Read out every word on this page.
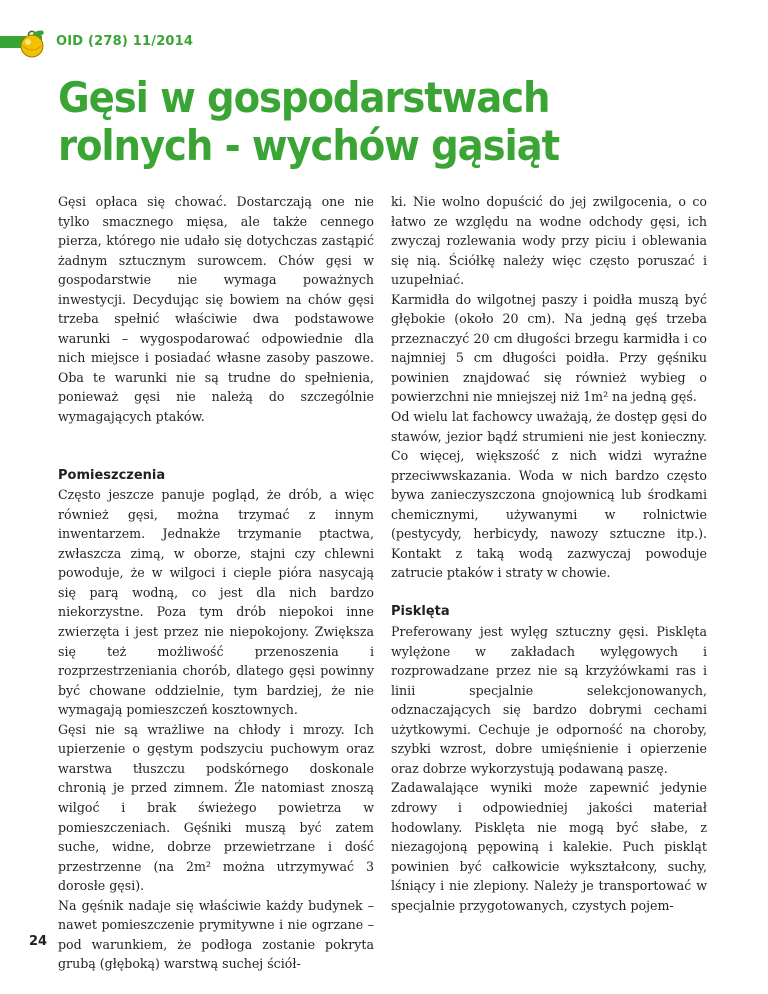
OID (278) 11/2014
Gęsi w gospodarstwach rolnych - wychów gąsiąt

Gęsi opłaca się chować. Dostarczają one nie tylko smacznego mięsa, ale także cennego pierza, którego nie udało się dotychczas zastąpić żadnym sztucznym surowcem. Chów gęsi w gospodarstwie nie wymaga poważnych inwestycji. Decydując się bowiem na chów gęsi trzeba spełnić właściwie dwa podstawowe warunki – wygospodarować odpowiednie dla nich miejsce i posiadać własne zasoby paszowe. Oba te warunki nie są trudne do spełnienia, ponieważ gęsi nie należą do szczególnie wymagających ptaków.

Pomieszczenia

Często jeszcze panuje pogląd, że drób, a więc również gęsi, można trzymać z innym inwentarzem. Jednakże trzymanie ptactwa, zwłaszcza zimą, w oborze, stajni czy chlewni powoduje, że w wilgoci i cieple pióra nasycają się parą wodną, co jest dla nich bardzo niekorzystne. Poza tym drób niepokoi inne zwierzęta i jest przez nie niepokojony. Zwiększa się też możliwość przenoszenia i rozprzestrzeniania chorób, dlatego gęsi powinny być chowane oddzielnie, tym bardziej, że nie wymagają pomieszczeń kosztownych.

Gęsi nie są wrażliwe na chłody i mrozy. Ich upierzenie o gęstym podszyciu puchowym oraz warstwa tłuszczu podskórnego doskonale chronią je przed zimnem. Źle natomiast znoszą wilgoć i brak świeżego powietrza w pomieszczeniach. Gęśniki muszą być zatem suche, widne, dobrze przewietrzane i dość przestrzenne (na 2m² można utrzymywać 3 dorosłe gęsi).

Na gęśnik nadaje się właściwie każdy budynek – nawet pomieszczenie prymitywne i nie ogrzane – pod warunkiem, że podłoga zostanie pokryta grubą (głęboką) warstwą suchej ściół-

ki. Nie wolno dopuścić do jej zwilgocenia, o co łatwo ze względu na wodne odchody gęsi, ich zwyczaj rozlewania wody przy piciu i oblewania się nią. Ściółkę należy więc często poruszać i uzupełniać.

Karmidła do wilgotnej paszy i poidła muszą być głębokie (około 20 cm). Na jedną gęś trzeba przeznaczyć 20 cm długości brzegu karmidła i co najmniej 5 cm długości poidła. Przy gęśniku powinien znajdować się również wybieg o powierzchni nie mniejszej niż 1m² na jedną gęś.

Od wielu lat fachowcy uważają, że dostęp gęsi do stawów, jezior bądź strumieni nie jest konieczny. Co więcej, większość z nich widzi wyraźne przeciwwskazania. Woda w nich bardzo często bywa zanieczyszczona gnojownicą lub środkami chemicznymi, używanymi w rolnictwie (pestycydy, herbicydy, nawozy sztuczne itp.). Kontakt z taką wodą zazwyczaj powoduje zatrucie ptaków i straty w chowie.

Pisklęta

Preferowany jest wylęg sztuczny gęsi. Pisklęta wylężone w zakładach wylęgowych i rozprowadzane przez nie są krzyżówkami ras i linii specjalnie selekcjonowanych, odznaczających się bardzo dobrymi cechami użytkowymi. Cechuje je odporność na choroby, szybki wzrost, dobre umięśnienie i opierzenie oraz dobrze wykorzystują podawaną paszę.

Zadawalające wyniki może zapewnić jedynie zdrowy i odpowiedniej jakości materiał hodowlany. Pisklęta nie mogą być słabe, z niezagojoną pępowiną i kalekie. Puch piskląt powinien być całkowicie wykształcony, suchy, lśniący i nie zlepiony. Należy je transportować w specjalnie przygotowanych, czystych pojem-

24
